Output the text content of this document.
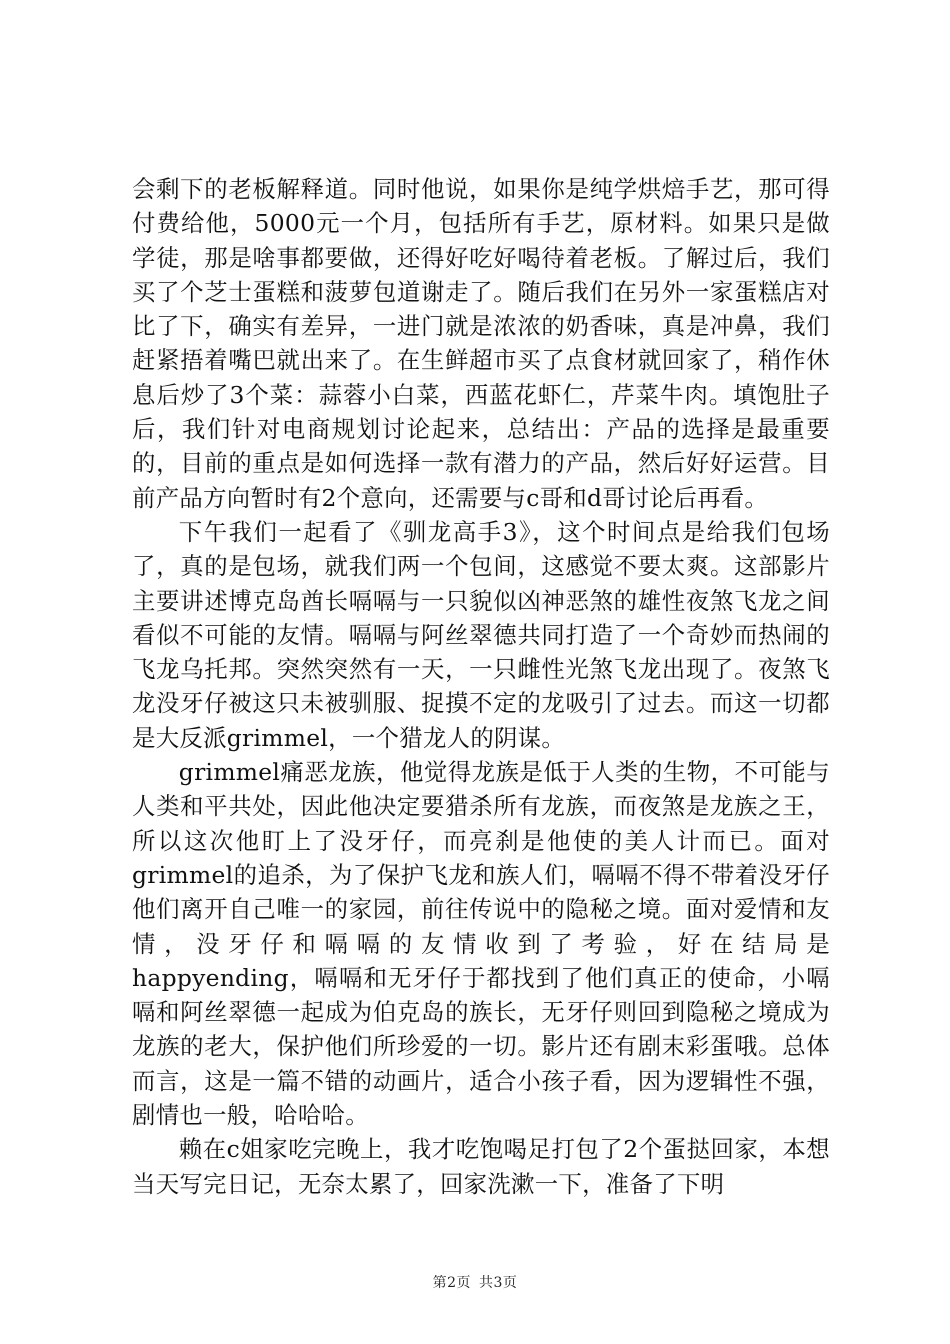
会剩下的老板解释道。同时他说，如果你是纯学烘焙手艺，那可得付费给他，5000元一个月，包括所有手艺，原材料。如果只是做学徒，那是啥事都要做，还得好吃好喝待着老板。了解过后，我们买了个芝士蛋糕和菠萝包道谢走了。随后我们在另外一家蛋糕店对比了下，确实有差异，一进门就是浓浓的奶香味，真是冲鼻，我们赶紧捂着嘴巴就出来了。在生鲜超市买了点食材就回家了，稍作休息后炒了3个菜：蒜蓉小白菜，西蓝花虾仁，芹菜牛肉。填饱肚子后，我们针对电商规划讨论起来，总结出：产品的选择是最重要的，目前的重点是如何选择一款有潜力的产品，然后好好运营。目前产品方向暂时有2个意向，还需要与c哥和d哥讨论后再看。

下午我们一起看了《驯龙高手3》，这个时间点是给我们包场了，真的是包场，就我们两一个包间，这感觉不要太爽。这部影片主要讲述博克岛酋长嗝嗝与一只貌似凶神恶煞的雄性夜煞飞龙之间看似不可能的友情。嗝嗝与阿丝翠德共同打造了一个奇妙而热闹的飞龙乌托邦。突然突然有一天，一只雌性光煞飞龙出现了。夜煞飞龙没牙仔被这只未被驯服、捉摸不定的龙吸引了过去。而这一切都是大反派grimmel，一个猎龙人的阴谋。

grimmel痛恶龙族，他觉得龙族是低于人类的生物，不可能与人类和平共处，因此他决定要猎杀所有龙族，而夜煞是龙族之王，所以这次他盯上了没牙仔，而亮刹是他使的美人计而已。面对grimmel的追杀，为了保护飞龙和族人们，嗝嗝不得不带着没牙仔他们离开自己唯一的家园，前往传说中的隐秘之境。面对爱情和友情，没牙仔和嗝嗝的友情收到了考验，好在结局是happyending，嗝嗝和无牙仔于都找到了他们真正的使命，小嗝嗝和阿丝翠德一起成为伯克岛的族长，无牙仔则回到隐秘之境成为龙族的老大，保护他们所珍爱的一切。影片还有剧末彩蛋哦。总体而言，这是一篇不错的动画片，适合小孩子看，因为逻辑性不强，剧情也一般，哈哈哈。

赖在c姐家吃完晚上，我才吃饱喝足打包了2个蛋挞回家，本想当天写完日记，无奈太累了，回家洗漱一下，准备了下明

第2页 共3页
